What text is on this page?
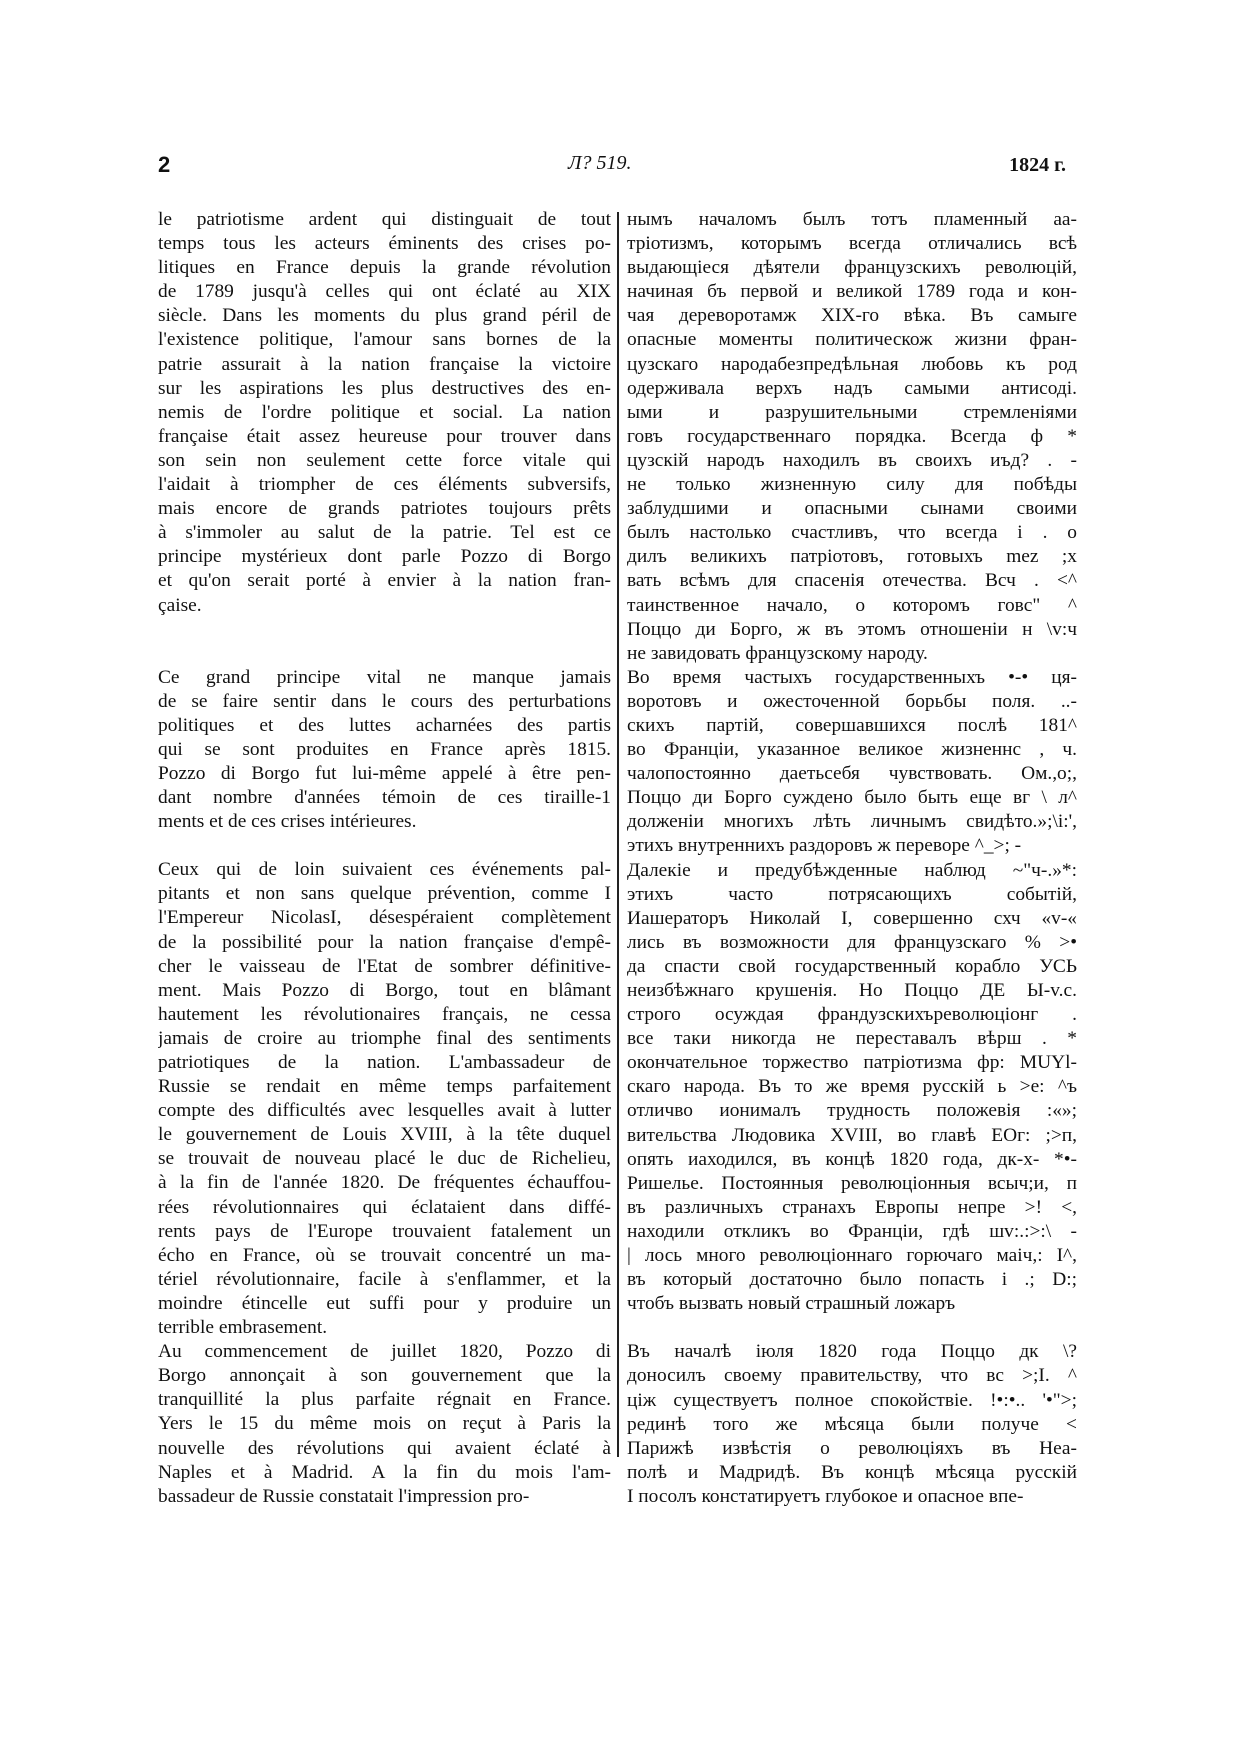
2	Л? 519.	1824 г.
le patriotisme ardent qui distinguait de tout
temps tous les acteurs éminents des crises po-
litiques en France depuis la grande révolution
de 1789 jusqu'à celles qui ont éclaté au XIX
siècle. Dans les moments du plus grand péril de
l'existence politique, l'amour sans bornes de la
patrie assurait à la nation française la victoire
sur les aspirations les plus destructives des en-
nemis de l'ordre politique et social. La nation
française était assez heureuse pour trouver dans
son sein non seulement cette force vitale qui
l'aidait à triompher de ces éléments subversifs,
mais encore de grands patriotes toujours prêts
à s'immoler au salut de la patrie. Tel est ce
principe mystérieux dont parle Pozzo di Borgo
et qu'on serait porté à envier à la nation fran-
çaise.
Ce grand principe vital ne manque jamais
de se faire sentir dans le cours des perturbations
politiques et des luttes acharnées des partis
qui se sont produites en France après 1815.
Pozzo di Borgo fut lui-même appelé à être pen-
dant nombre d'années témoin de ces tiraille-1
ments et de ces crises intérieures.
Ceux qui de loin suivaient ces événements pal-
pitants et non sans quelque prévention, comme I
l'Empereur NicolasI, désespéraient complètement
de la possibilité pour la nation française d'empê-
cher le vaisseau de l'Etat de sombrer définitive-
ment. Mais Pozzo di Borgo, tout en blâmant
hautement les révolutionaires français, ne cessa
jamais de croire au triomphe final des sentiments
patriotiques de la nation. L'ambassadeur de
Russie se rendait en même temps parfaitement
compte des difficultés avec lesquelles avait à lutter
le gouvernement de Louis XVIII, à la tête duquel
se trouvait de nouveau placé le duc de Richelieu,
à la fin de l'année 1820. De fréquentes échauffou-
rées révolutionnaires qui éclataient dans diffé-
rents pays de l'Europe trouvaient fatalement un
écho en France, où se trouvait concentré un ma-
tériel révolutionnaire, facile à s'enflammer, et la
moindre étincelle eut suffi pour y produire un
terrible embrasement.
Au commencement de juillet 1820, Pozzo di
Borgo annonçait à son gouvernement que la
tranquillité la plus parfaite régnait en France.
Yers le 15 du même mois on reçut à Paris la
nouvelle des révolutions qui avaient éclaté à
Naples et à Madrid. A la fin du mois l'am-
bassadeur de Russie constatait l'impression pro-
нымъ началомъ былъ тотъ пламенный аа-
тріотизмъ, которымъ всегда отличались всѣ
выдающіеся дѣятели французскихъ революцій,
начиная бъ первой и великой 1789 года и кон-
чая дереворотамж XIX-го вѣка. Въ самыге
опасные моменты политическож жизни фран-
цузскаго народабезпредѣльная любовь къ род
одерживала верхъ надъ самыми антисоді.
ыми и разрушительными стремленіями
говъ государственнаго порядка. Всегда ф *
цузскій народъ находилъ въ своихъ иъд? . -
не только жизненную силу для побѣды
заблудшими и опасными сынами своими
былъ настолько счастливъ, что всегда і . о
дилъ великихъ патріотовъ, готовыхъ mez ;х
вать всѣмъ для спасенія отечества. Всч . <^
таинственное начало, о которомъ говс" ^
Поццо ди Борго, ж въ этомъ отношеніи н \v:ч
не завидовать французскому народу.
Во время частыхъ государственныхъ •-• ця-
воротовъ и ожесточенной борьбы поля. ..-
скихъ партій, совершавшихся послѣ 181^
во Франціи, указанное великое жизненнc , ч.
чалопостоянно даетьсебя чувствовать. Ом.,о;,
Поццо ди Борго суждено было быть еще вг \ л^
долженіи многихъ лѣть личнымъ свидѣто.»;\i:',
этихъ внутреннихъ раздоровъ ж переворе ^_>; -
Далекіе и предубѣжденные наблюд ~"ч-.»*:
этихъ часто потрясающихъ событій,
Иашераторъ Николай I, совершенно схч «v-«
лись въ возможности для французскаго % >•
да спасти свой государственный корабло УСЬ
неизбѣжнаго крушенія. Но Поццо ДЕ Ы-v.c.
строго осуждая фрaндузскихъреволюціонг .
все таки никогда не переставалъ вѣрш . *
окончательное торжество патріотизма фр: MUYl-
скаго народа. Въ то же время русскій ь >е: ^ъ
отличво ионималъ трудность положевія :«»;
вительства Людовика XVIII, во главѣ ЕОг: ;>п,
опять иаходился, въ концѣ 1820 года, дк-х- *•-
Ришелье. Постоянныя революціонныя всыч;и, п
въ различныхъ странахъ Европы непре >! <,
находили откликъ во Франціи, гдѣ шv:.:>:\ -
| лось много революціоннаго горючаго маіч,: I^,
въ который достаточно было попасть і .; D:;
чтобъ вызвать новый страшный ложаръ
Въ началѣ іюля 1820 года Поццо дк \?
доносилъ своему правительству, что вс >;I. ^
цiж существуетъ полное спокойствіе. !•:•.. '•">;
рединѣ того же мѣсяца были получе <
Парижѣ извѣстія о революціяхъ въ Неа-
полѣ и Мадридѣ. Въ концѣ мѣсяца русскій
I посолъ констатируетъ глубокое и опасное впе-
